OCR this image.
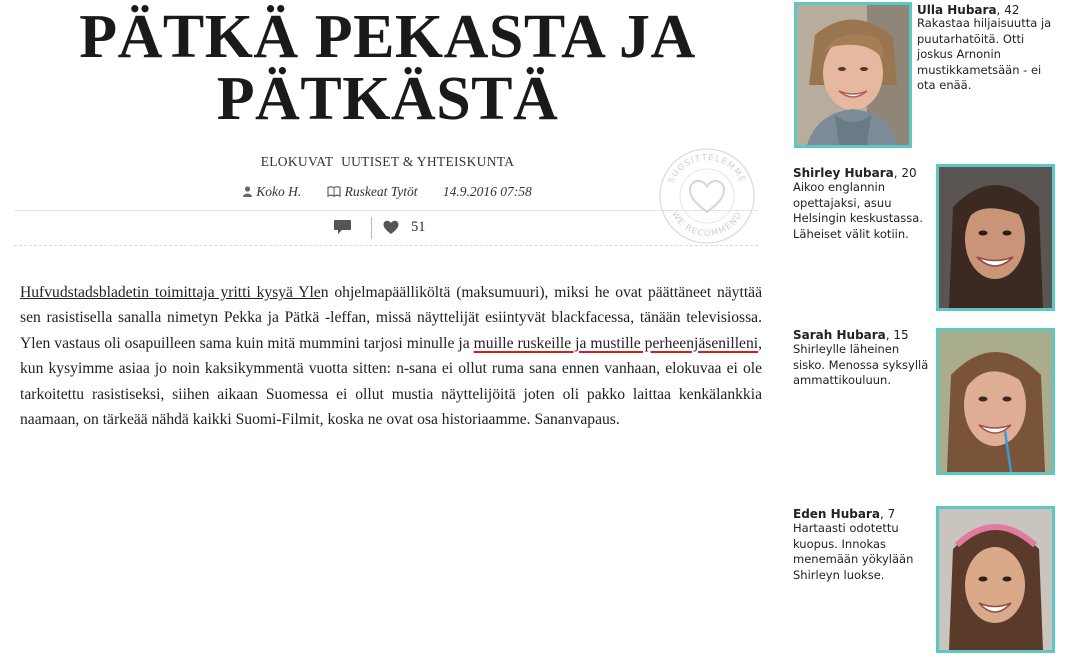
PÄTKÄ PEKASTA JA
PÄTKÄSTÄ
ELOKUVAT UUTISET & YHTEISKUNTA
Koko H.	Ruskeat Tytöt 14.9.2016 07:58
51
SUOSITTELEMME
WE RECOMMEND
Hufvudstadsbladetin toimittaja yritti kysyä Ylen ohjelmapäälliköltä (maksumuuri), miksi he ovat päättäneet näyttää sen rasistisella sanalla nimetyn Pekka ja Pätkä -leffan, missä näyttelijät esiintyvät blackfacessa, tänään televisiossa. Ylen vastaus oli osapuilleen sama kuin mitä mummini tarjosi minulle ja muille ruskeille ja mustille perheenjäsenilleni, kun kysyimme asiaa jo noin kaksikymmentä vuotta sitten: n-sana ei ollut ruma sana ennen vanhaan, elokuvaa ei ole tarkoitettu rasistiseksi, siihen aikaan Suomessa ei ollut mustia näyttelijöitä joten oli pakko laittaa kenkälankkia naamaan, on tärkeää nähdä kaikki Suomi-Filmit, koska ne ovat osa historiaamme. Sananvapaus.
Ulla Hubara, 42
Rakastaa hiljaisuutta ja
puutarhatöitä. Otti
joskus Arnonin
mustikkametsään - ei
ota enää.
Shirley Hubara, 20
Aikoo englannin
opettajaksi, asuu
Helsingin keskustassa.
Läheiset välit kotiin.
Sarah Hubara, 15
Shirleylle läheinen
sisko. Menossa syksyllä
ammattikouluun.
Eden Hubara, 7
Hartaasti odotettu
kuopus. Innokas
menemään yökylään
Shirleyn luokse.
